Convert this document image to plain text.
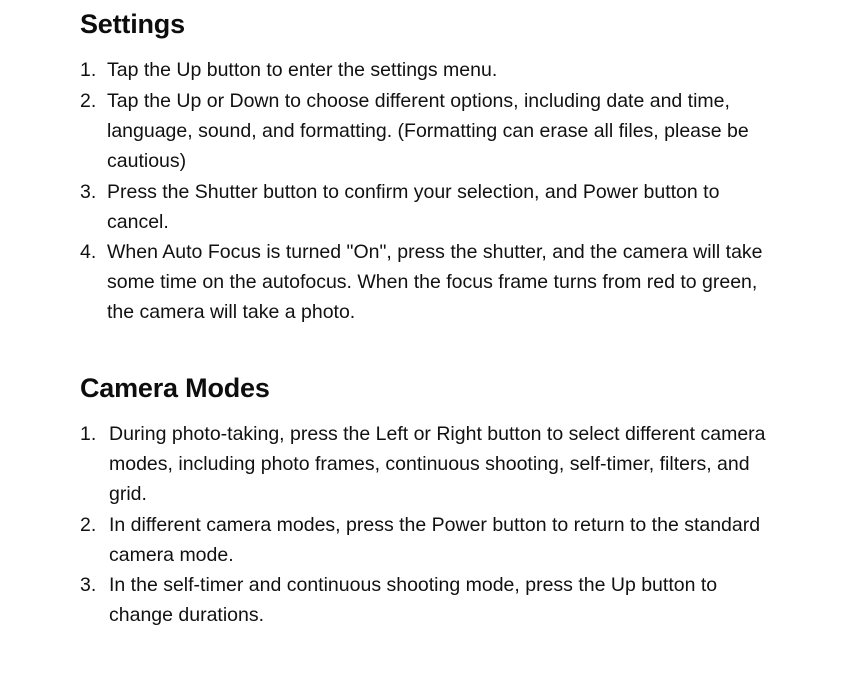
Settings
1. Tap the Up button to enter the settings menu.
2. Tap the Up or Down to choose different options, including date and time, language, sound, and formatting. (Formatting can erase all files, please be cautious)
3. Press the Shutter button to confirm your selection, and Power button to cancel.
4. When Auto Focus is turned "On", press the shutter, and the camera will take some time on the autofocus. When the focus frame turns from red to green, the camera will take a photo.
Camera Modes
1. During photo-taking, press the Left or Right button to select different camera modes, including photo frames, continuous shooting, self-timer, filters, and grid.
2. In different camera modes, press the Power button to return to the standard camera mode.
3. In the self-timer and continuous shooting mode, press the Up button to change durations.
